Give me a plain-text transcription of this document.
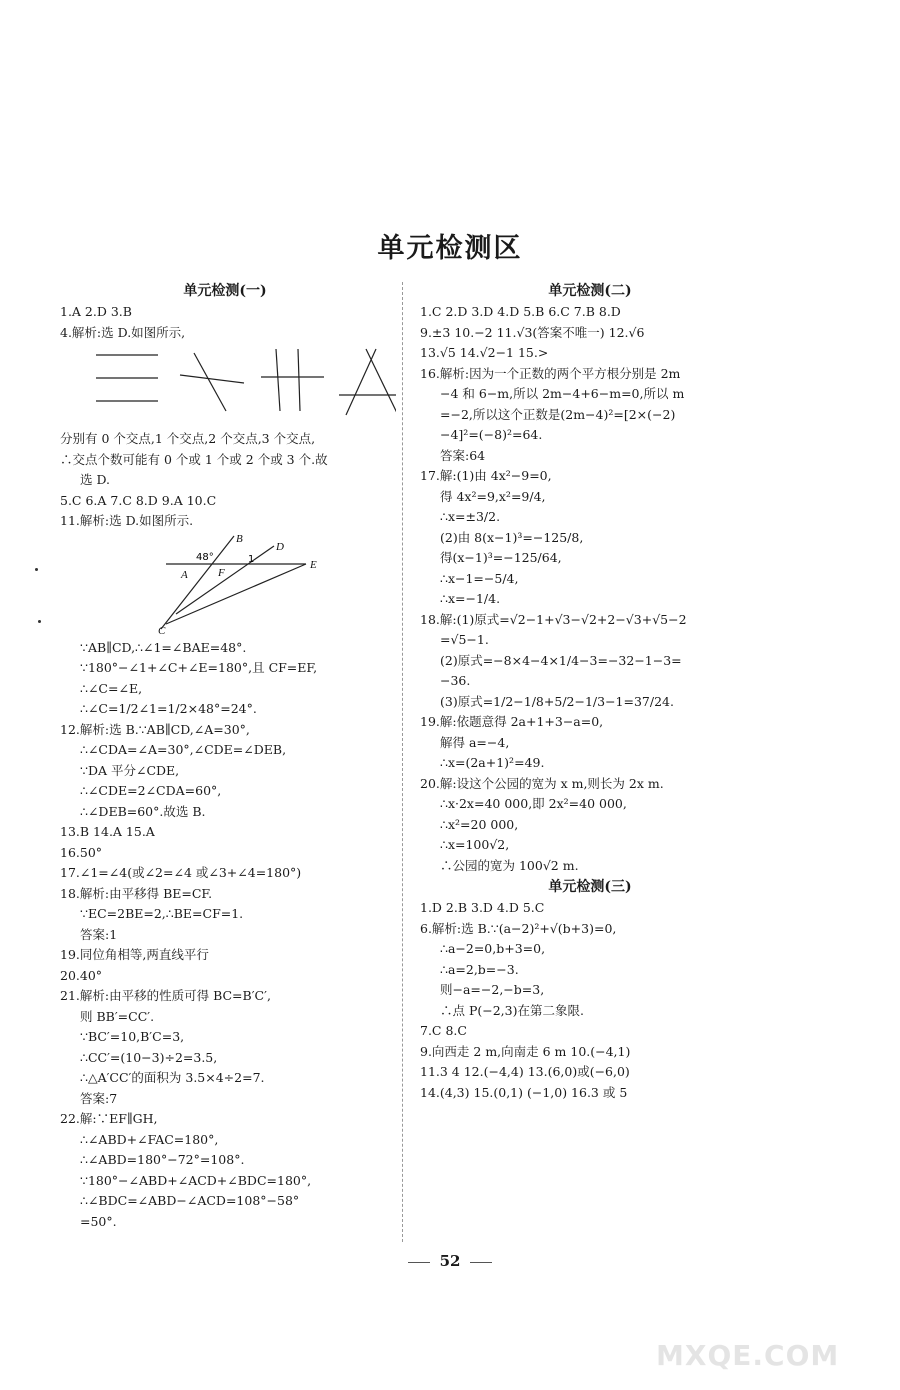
单元检测区
单元检测(一)
1.A 2.D 3.B
4.解析:选 D.如图所示,
分别有 0 个交点,1 个交点,2 个交点,3 个交点,
∴交点个数可能有 0 个或 1 个或 2 个或 3 个.故
选 D.
5.C 6.A 7.C 8.D 9.A 10.C
11.解析:选 D.如图所示.
B
D
A	F
E
C
48°	1
∵AB∥CD,∴∠1=∠BAE=48°.
∵180°−∠1+∠C+∠E=180°,且 CF=EF,
∴∠C=∠E,
∴∠C=1/2∠1=1/2×48°=24°.
12.解析:选 B.∵AB∥CD,∠A=30°,
∴∠CDA=∠A=30°,∠CDE=∠DEB,
∵DA 平分∠CDE,
∴∠CDE=2∠CDA=60°,
∴∠DEB=60°.故选 B.
13.B 14.A 15.A
16.50°
17.∠1=∠4(或∠2=∠4 或∠3+∠4=180°)
18.解析:由平移得 BE=CF.
∵EC=2BE=2,∴BE=CF=1.
答案:1
19.同位角相等,两直线平行
20.40°
21.解析:由平移的性质可得 BC=B′C′,
则 BB′=CC′.
∵BC′=10,B′C=3,
∴CC′=(10−3)÷2=3.5,
∴△A′CC′的面积为 3.5×4÷2=7.
答案:7
22.解:∵EF∥GH,
∴∠ABD+∠FAC=180°,
∴∠ABD=180°−72°=108°.
∵180°−∠ABD+∠ACD+∠BDC=180°,
∴∠BDC=∠ABD−∠ACD=108°−58°
=50°.
单元检测(二)
1.C 2.D 3.D 4.D 5.B 6.C 7.B 8.D
9.±3 10.−2 11.√3(答案不唯一) 12.√6
13.√5 14.√2−1 15.>
16.解析:因为一个正数的两个平方根分别是 2m
−4 和 6−m,所以 2m−4+6−m=0,所以 m
=−2,所以这个正数是(2m−4)²=[2×(−2)
−4]²=(−8)²=64.
答案:64
17.解:(1)由 4x²−9=0,
得 4x²=9,x²=9/4,
∴x=±3/2.
(2)由 8(x−1)³=−125/8,
得(x−1)³=−125/64,
∴x−1=−5/4,
∴x=−1/4.
18.解:(1)原式=√2−1+√3−√2+2−√3+√5−2
=√5−1.
(2)原式=−8×4−4×1/4−3=−32−1−3=
−36.
(3)原式=1/2−1/8+5/2−1/3−1=37/24.
19.解:依题意得 2a+1+3−a=0,
解得 a=−4,
∴x=(2a+1)²=49.
20.解:设这个公园的宽为 x m,则长为 2x m.
∴x·2x=40 000,即 2x²=40 000,
∴x²=20 000,
∴x=100√2,
∴公园的宽为 100√2 m.
单元检测(三)
1.D 2.B 3.D 4.D 5.C
6.解析:选 B.∵(a−2)²+√(b+3)=0,
∴a−2=0,b+3=0,
∴a=2,b=−3.
则−a=−2,−b=3,
∴点 P(−2,3)在第二象限.
7.C 8.C
9.向西走 2 m,向南走 6 m 10.(−4,1)
11.3 4 12.(−4,4) 13.(6,0)或(−6,0)
14.(4,3) 15.(0,1) (−1,0) 16.3 或 5
52
MXQE.COM
